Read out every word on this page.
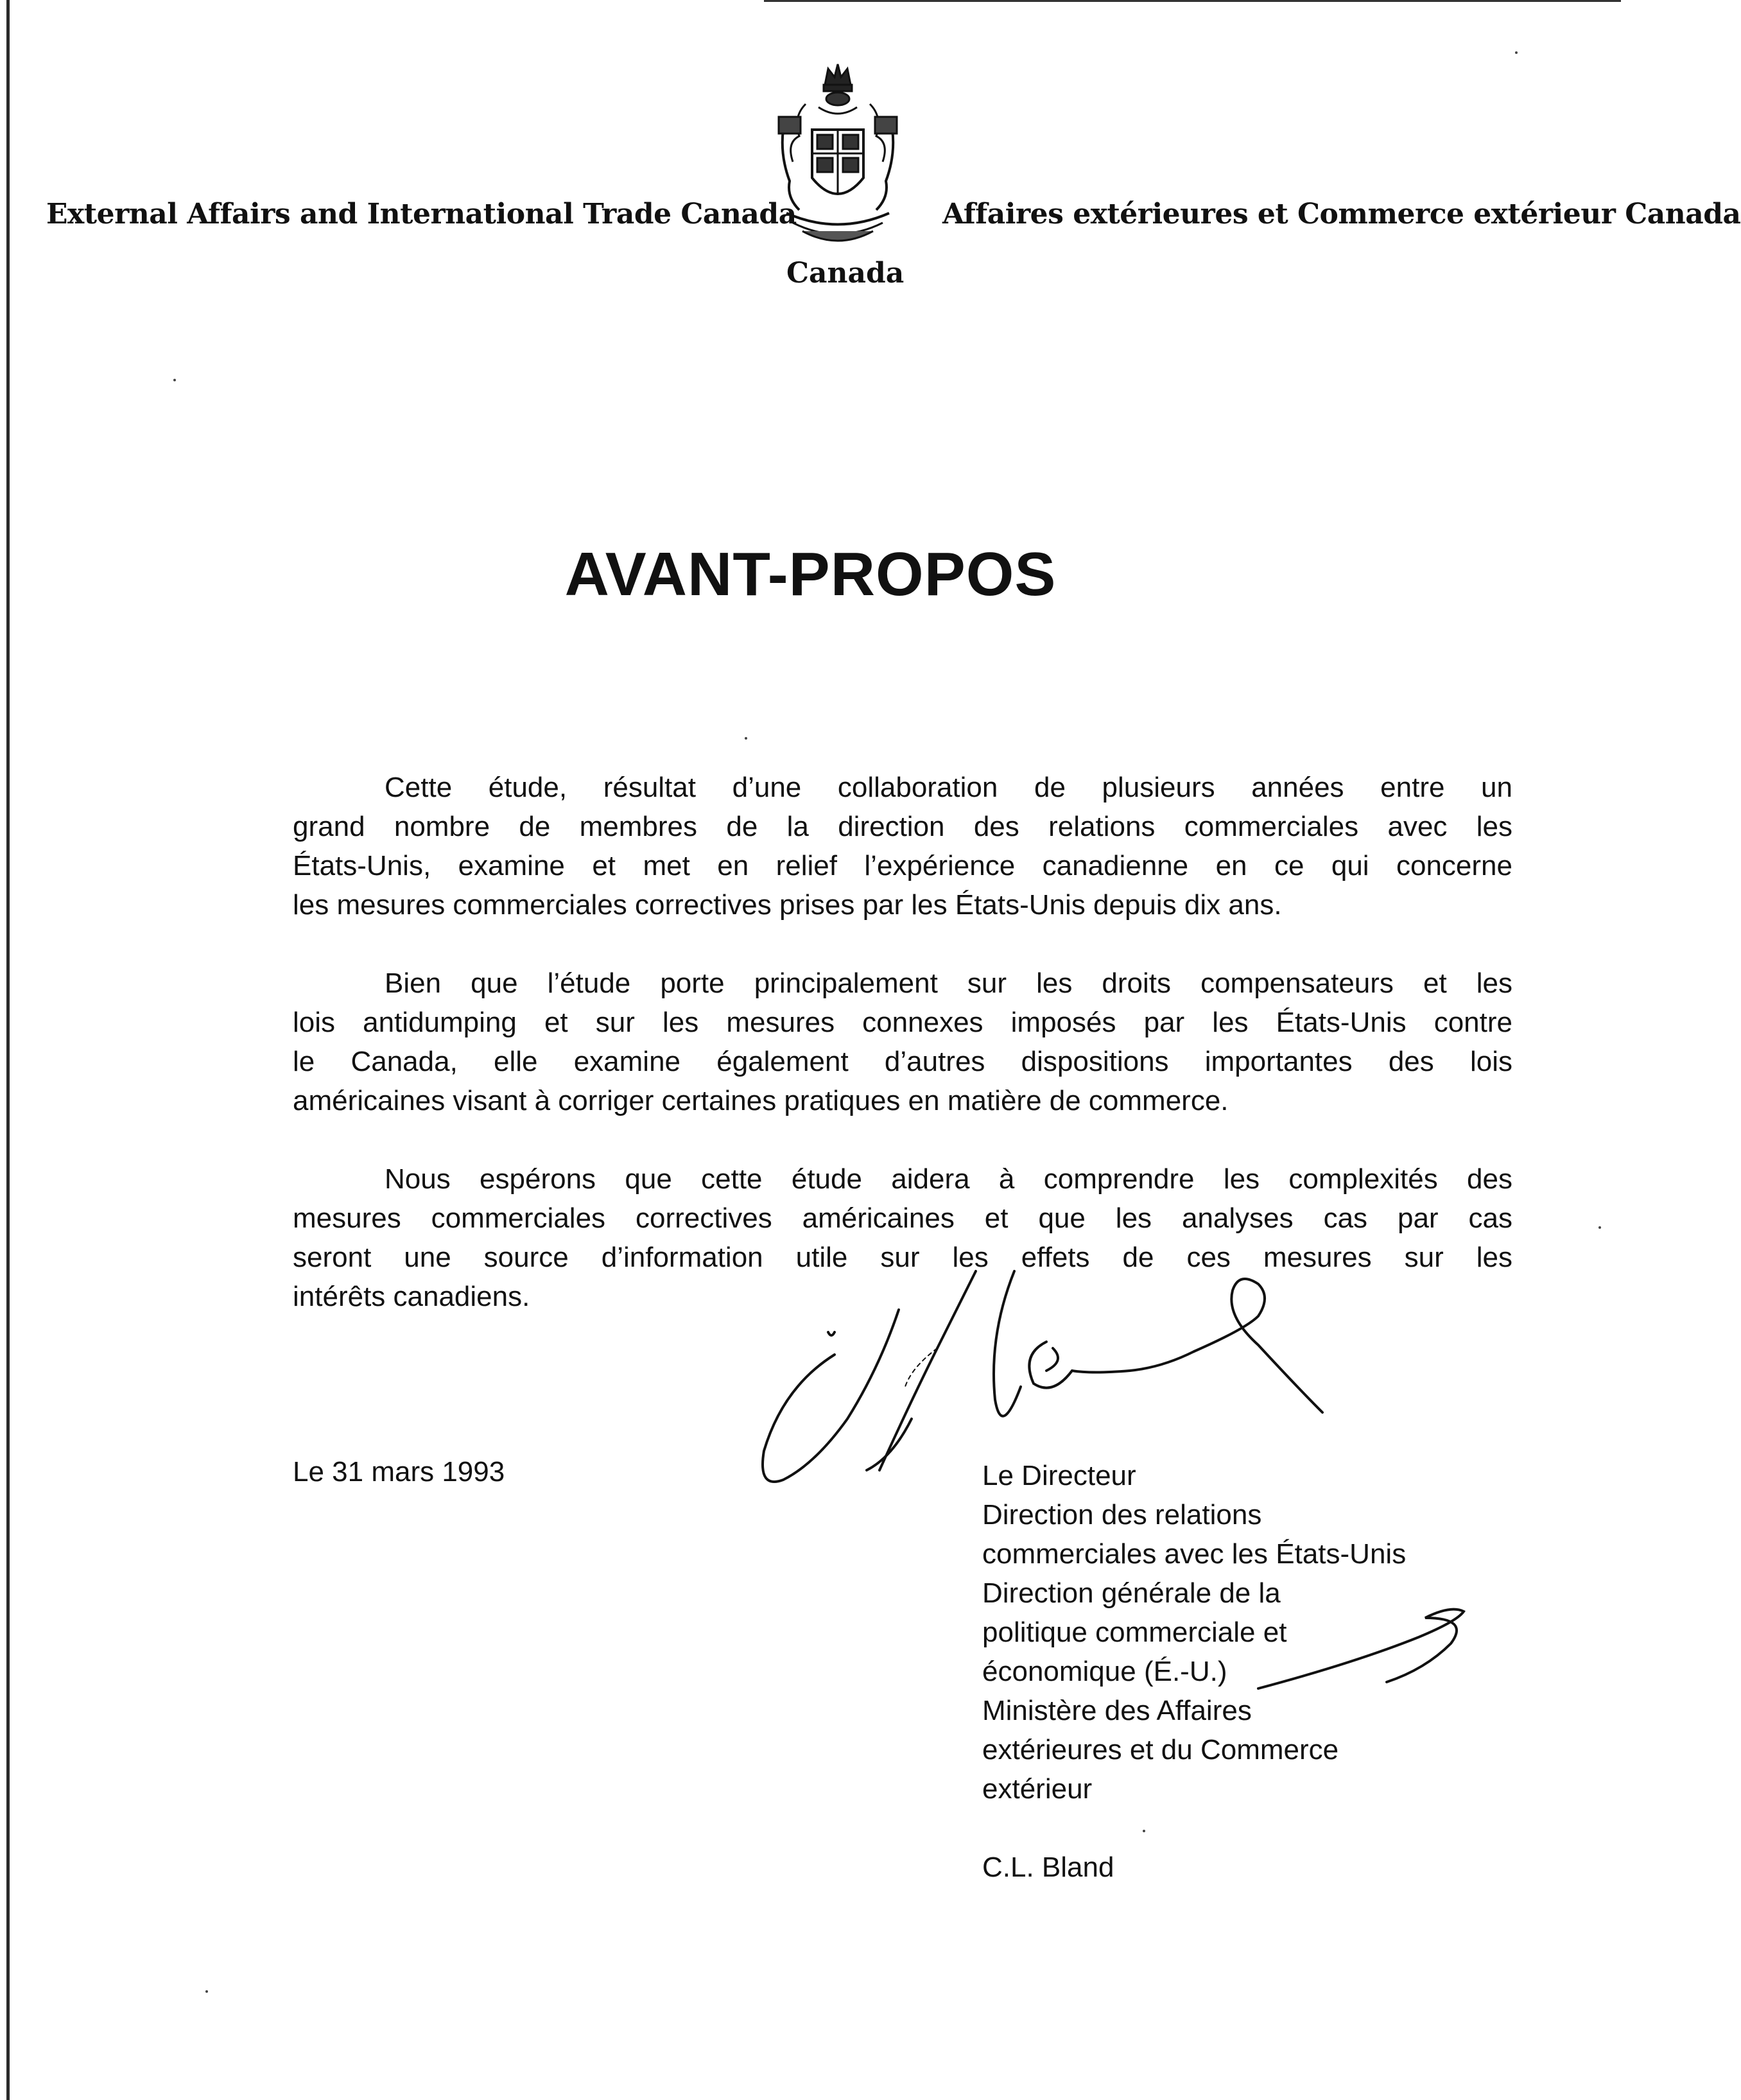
External Affairs and International Trade Canada
Canada
Affaires extérieures et Commerce extérieur Canada
AVANT-PROPOS

Cette étude, résultat d’une collaboration de plusieurs années entre un
grand nombre de membres de la direction des relations commerciales avec les
États-Unis, examine et met en relief l’expérience canadienne en ce qui concerne
les mesures commerciales correctives prises par les États-Unis depuis dix ans.

Bien que l’étude porte principalement sur les droits compensateurs et les
lois antidumping et sur les mesures connexes imposés par les États-Unis contre
le Canada, elle examine également d’autres dispositions importantes des lois
américaines visant à corriger certaines pratiques en matière de commerce.

Nous espérons que cette étude aidera à comprendre les complexités des
mesures commerciales correctives américaines et que les analyses cas par cas
seront une source d’information utile sur les effets de ces mesures sur les
intérêts canadiens.

Le 31 mars 1993	Le Directeur
Direction des relations
commerciales avec les États-Unis
Direction générale de la
politique commerciale et
économique (É.-U.)
Ministère des Affaires
extérieures et du Commerce
extérieur
C.L. Bland
